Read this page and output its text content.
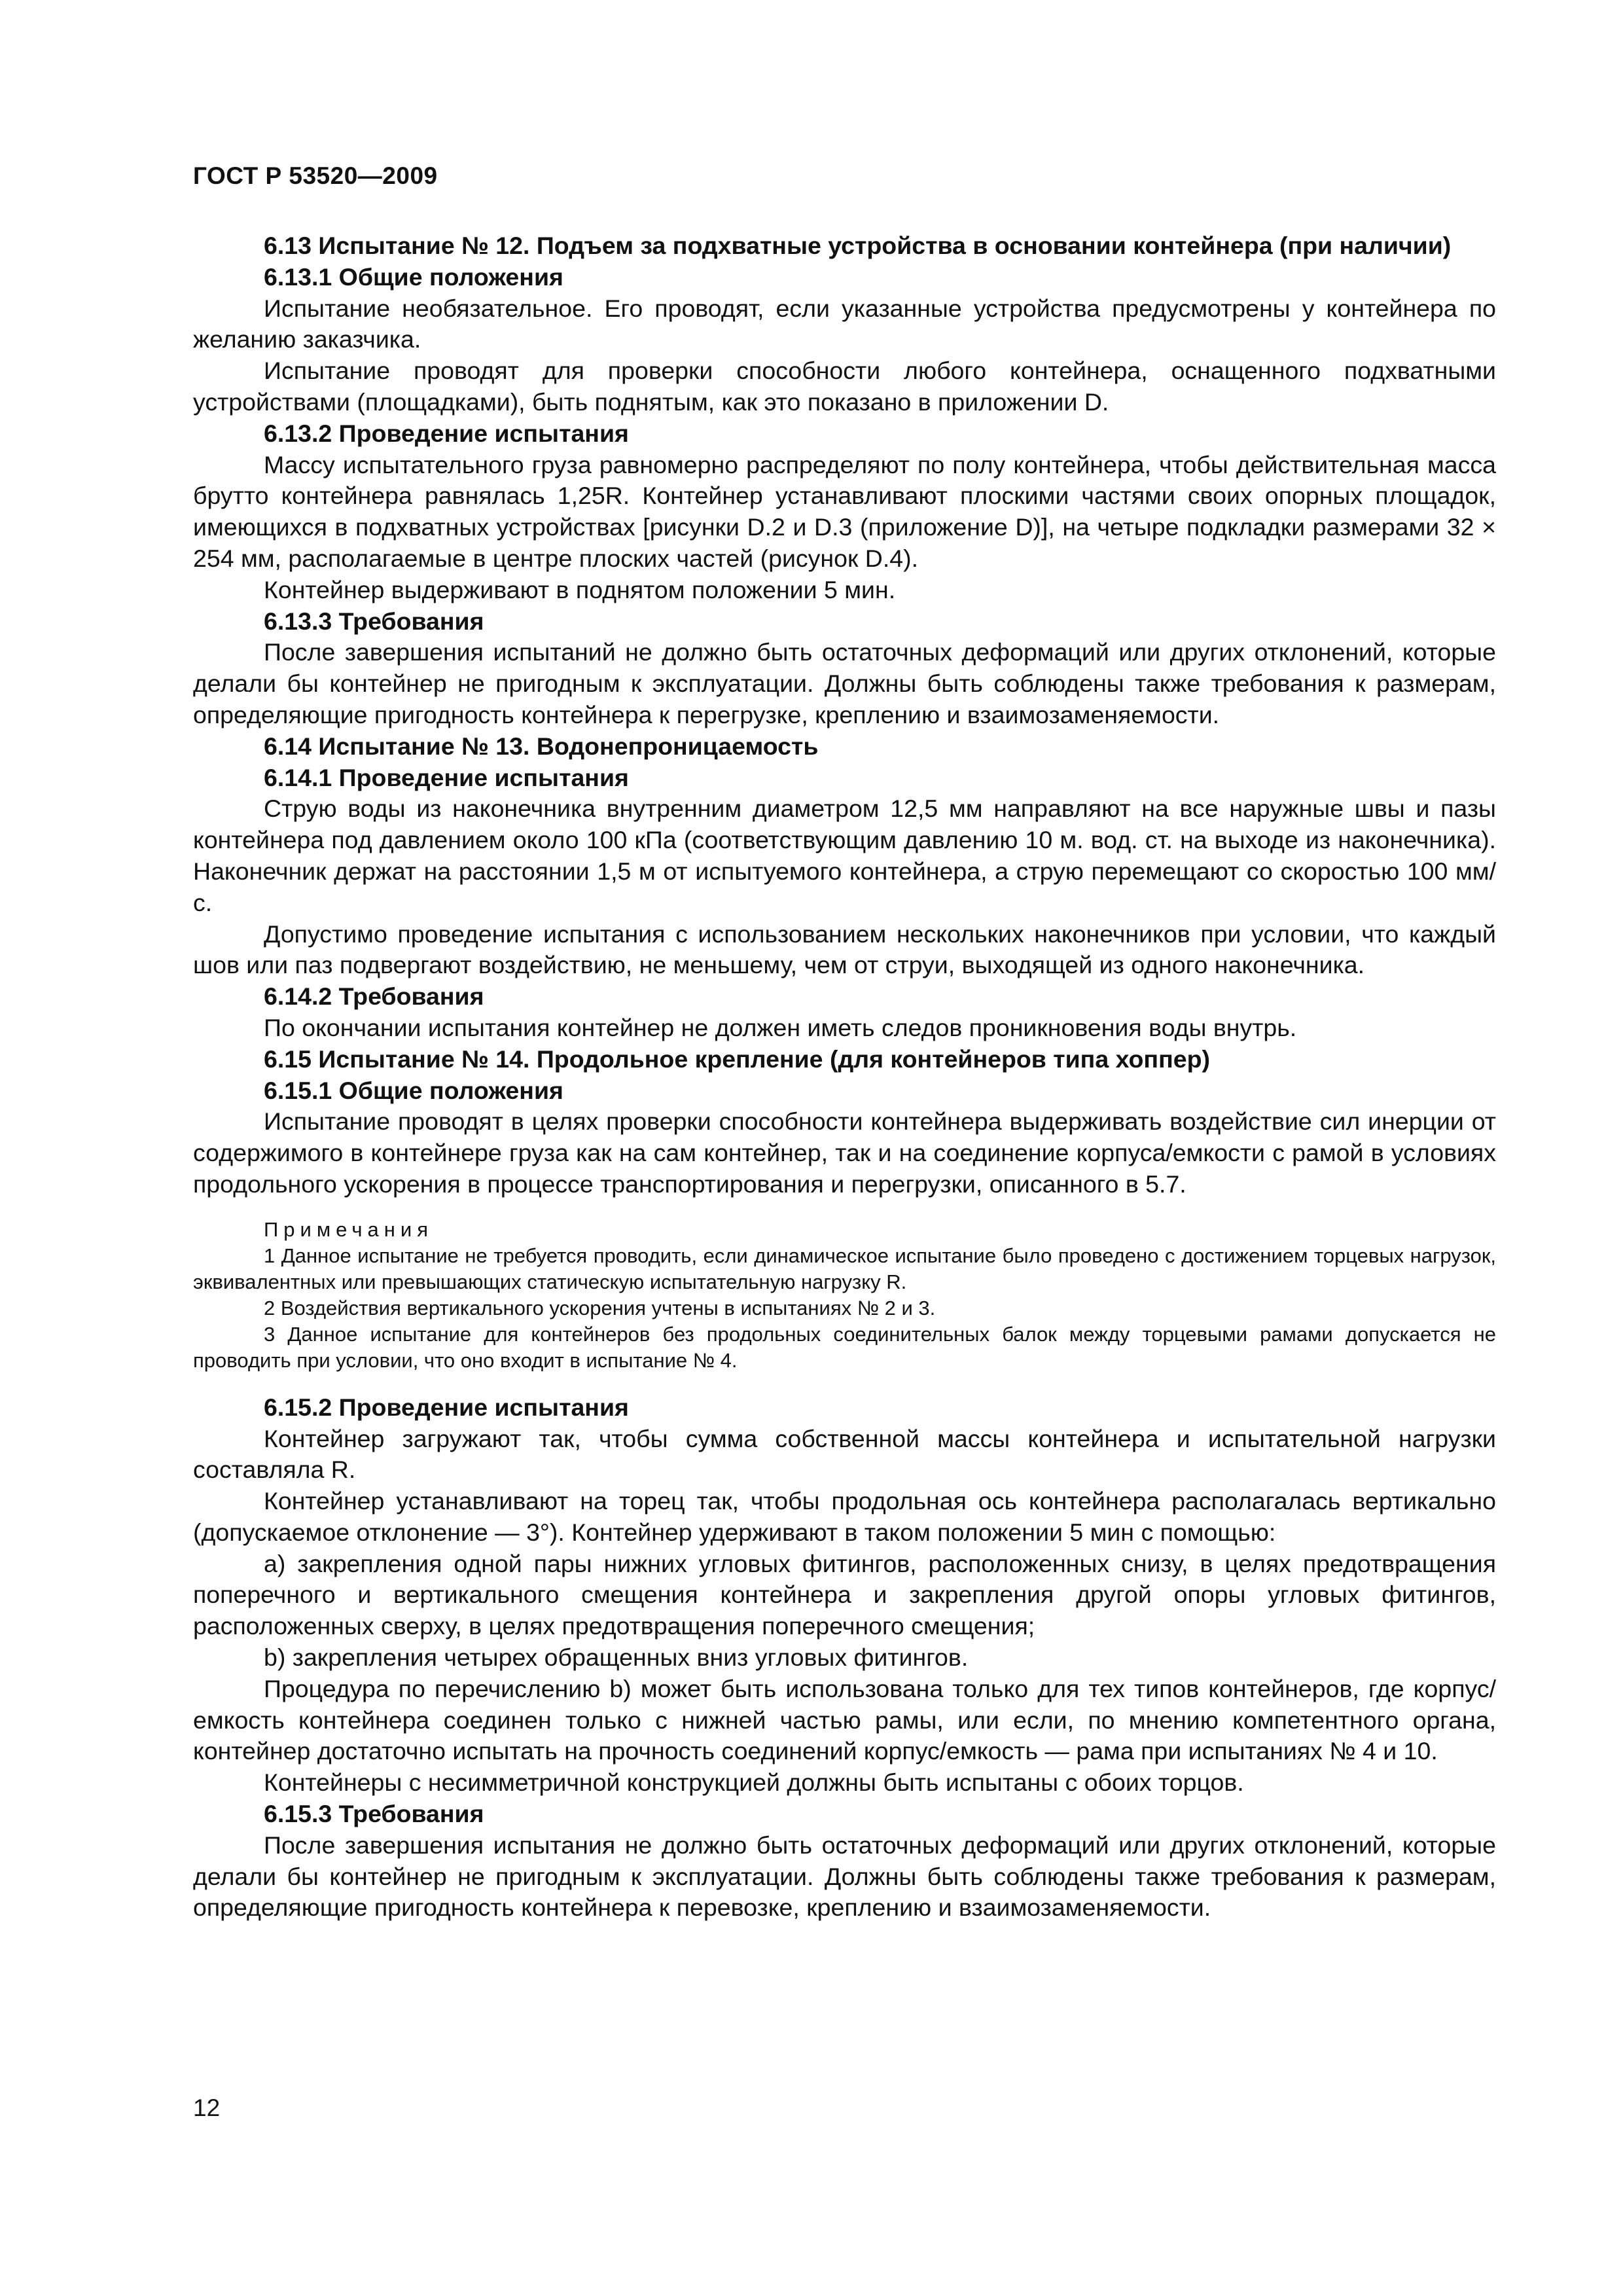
ГОСТ Р 53520—2009

6.13 Испытание № 12. Подъем за подхватные устройства в основании контейнера (при наличии)

6.13.1 Общие положения

Испытание необязательное. Его проводят, если указанные устройства предусмотрены у контейнера по желанию заказчика.

Испытание проводят для проверки способности любого контейнера, оснащенного подхватными устройствами (площадками), быть поднятым, как это показано в приложении D.

6.13.2 Проведение испытания

Массу испытательного груза равномерно распределяют по полу контейнера, чтобы действительная масса брутто контейнера равнялась 1,25R. Контейнер устанавливают плоскими частями своих опорных площадок, имеющихся в подхватных устройствах [рисунки D.2 и D.3 (приложение D)], на четыре подкладки размерами 32 × 254 мм, располагаемые в центре плоских частей (рисунок D.4).

Контейнер выдерживают в поднятом положении 5 мин.

6.13.3 Требования

После завершения испытаний не должно быть остаточных деформаций или других отклонений, которые делали бы контейнер не пригодным к эксплуатации. Должны быть соблюдены также требования к размерам, определяющие пригодность контейнера к перегрузке, креплению и взаимозаменяемости.

6.14 Испытание № 13. Водонепроницаемость

6.14.1 Проведение испытания

Струю воды из наконечника внутренним диаметром 12,5 мм направляют на все наружные швы и пазы контейнера под давлением около 100 кПа (соответствующим давлению 10 м. вод. ст. на выходе из наконечника). Наконечник держат на расстоянии 1,5 м от испытуемого контейнера, а струю перемещают со скоростью 100 мм/с.

Допустимо проведение испытания с использованием нескольких наконечников при условии, что каждый шов или паз подвергают воздействию, не меньшему, чем от струи, выходящей из одного наконечника.

6.14.2 Требования

По окончании испытания контейнер не должен иметь следов проникновения воды внутрь.

6.15 Испытание № 14. Продольное крепление (для контейнеров типа хоппер)

6.15.1 Общие положения

Испытание проводят в целях проверки способности контейнера выдерживать воздействие сил инерции от содержимого в контейнере груза как на сам контейнер, так и на соединение корпуса/емкости с рамой в условиях продольного ускорения в процессе транспортирования и перегрузки, описанного в 5.7.

Примечания

1 Данное испытание не требуется проводить, если динамическое испытание было проведено с достижением торцевых нагрузок, эквивалентных или превышающих статическую испытательную нагрузку R.

2 Воздействия вертикального ускорения учтены в испытаниях № 2 и 3.

3 Данное испытание для контейнеров без продольных соединительных балок между торцевыми рамами допускается не проводить при условии, что оно входит в испытание № 4.

6.15.2 Проведение испытания

Контейнер загружают так, чтобы сумма собственной массы контейнера и испытательной нагрузки составляла R.

Контейнер устанавливают на торец так, чтобы продольная ось контейнера располагалась вертикально (допускаемое отклонение — 3°). Контейнер удерживают в таком положении 5 мин с помощью:

а) закрепления одной пары нижних угловых фитингов, расположенных снизу, в целях предотвращения поперечного и вертикального смещения контейнера и закрепления другой опоры угловых фитингов, расположенных сверху, в целях предотвращения поперечного смещения;

b) закрепления четырех обращенных вниз угловых фитингов.

Процедура по перечислению b) может быть использована только для тех типов контейнеров, где корпус/емкость контейнера соединен только с нижней частью рамы, или если, по мнению компетентного органа, контейнер достаточно испытать на прочность соединений корпус/емкость — рама при испытаниях № 4 и 10.

Контейнеры с несимметричной конструкцией должны быть испытаны с обоих торцов.

6.15.3 Требования

После завершения испытания не должно быть остаточных деформаций или других отклонений, которые делали бы контейнер не пригодным к эксплуатации. Должны быть соблюдены также требования к размерам, определяющие пригодность контейнера к перевозке, креплению и взаимозаменяемости.

12
